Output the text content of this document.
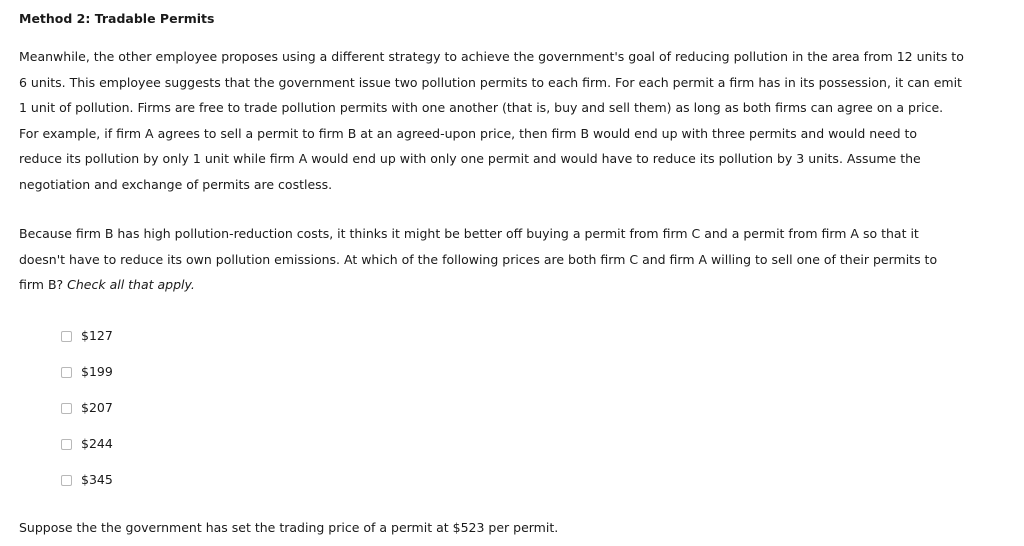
Method 2: Tradable Permits
Meanwhile, the other employee proposes using a different strategy to achieve the government's goal of reducing pollution in the area from 12 units to
6 units. This employee suggests that the government issue two pollution permits to each firm. For each permit a firm has in its possession, it can emit
1 unit of pollution. Firms are free to trade pollution permits with one another (that is, buy and sell them) as long as both firms can agree on a price.
For example, if firm A agrees to sell a permit to firm B at an agreed-upon price, then firm B would end up with three permits and would need to
reduce its pollution by only 1 unit while firm A would end up with only one permit and would have to reduce its pollution by 3 units. Assume the
negotiation and exchange of permits are costless.
Because firm B has high pollution-reduction costs, it thinks it might be better off buying a permit from firm C and a permit from firm A so that it
doesn't have to reduce its own pollution emissions. At which of the following prices are both firm C and firm A willing to sell one of their permits to
firm B? Check all that apply.
$127
$199
$207
$244
$345
Suppose the the government has set the trading price of a permit at $523 per permit.
